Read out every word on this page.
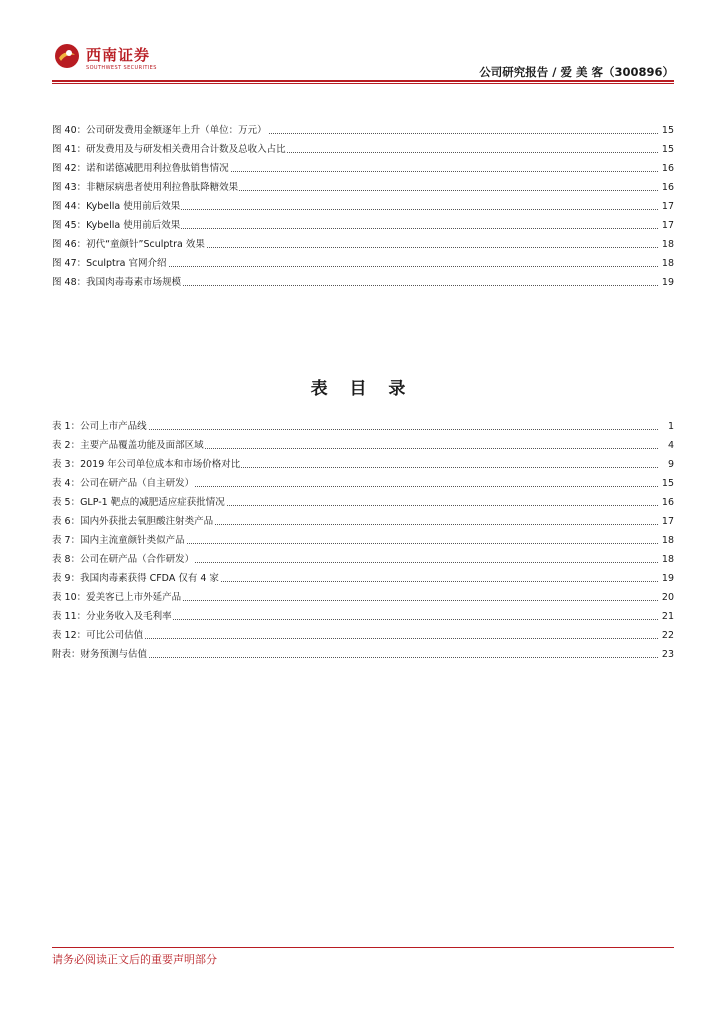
西南证券
SOUTHWEST SECURITIES	公司研究报告 / 爱 美 客（300896）
图 40：公司研发费用金额逐年上升（单位：万元）	15
图 41：研发费用及与研发相关费用合计数及总收入占比	15
图 42：诺和诺德减肥用利拉鲁肽销售情况	16
图 43：非糖尿病患者使用利拉鲁肽降糖效果	16
图 44：Kybella 使用前后效果	17
图 45：Kybella 使用前后效果	17
图 46：初代“童颜针”Sculptra 效果	18
图 47：Sculptra 官网介绍	18
图 48：我国肉毒毒素市场规模	19
表 目 录
表 1：公司上市产品线	1
表 2：主要产品覆盖功能及面部区域	4
表 3：2019 年公司单位成本和市场价格对比	9
表 4：公司在研产品（自主研发）	15
表 5：GLP-1 靶点的减肥适应症获批情况	16
表 6：国内外获批去氧胆酸注射类产品	17
表 7：国内主流童颜针类似产品	18
表 8：公司在研产品（合作研发）	18
表 9：我国肉毒素获得 CFDA 仅有 4 家	19
表 10：爱美客已上市外延产品	20
表 11：分业务收入及毛利率	21
表 12：可比公司估值	22
附表：财务预测与估值	23
请务必阅读正文后的重要声明部分
